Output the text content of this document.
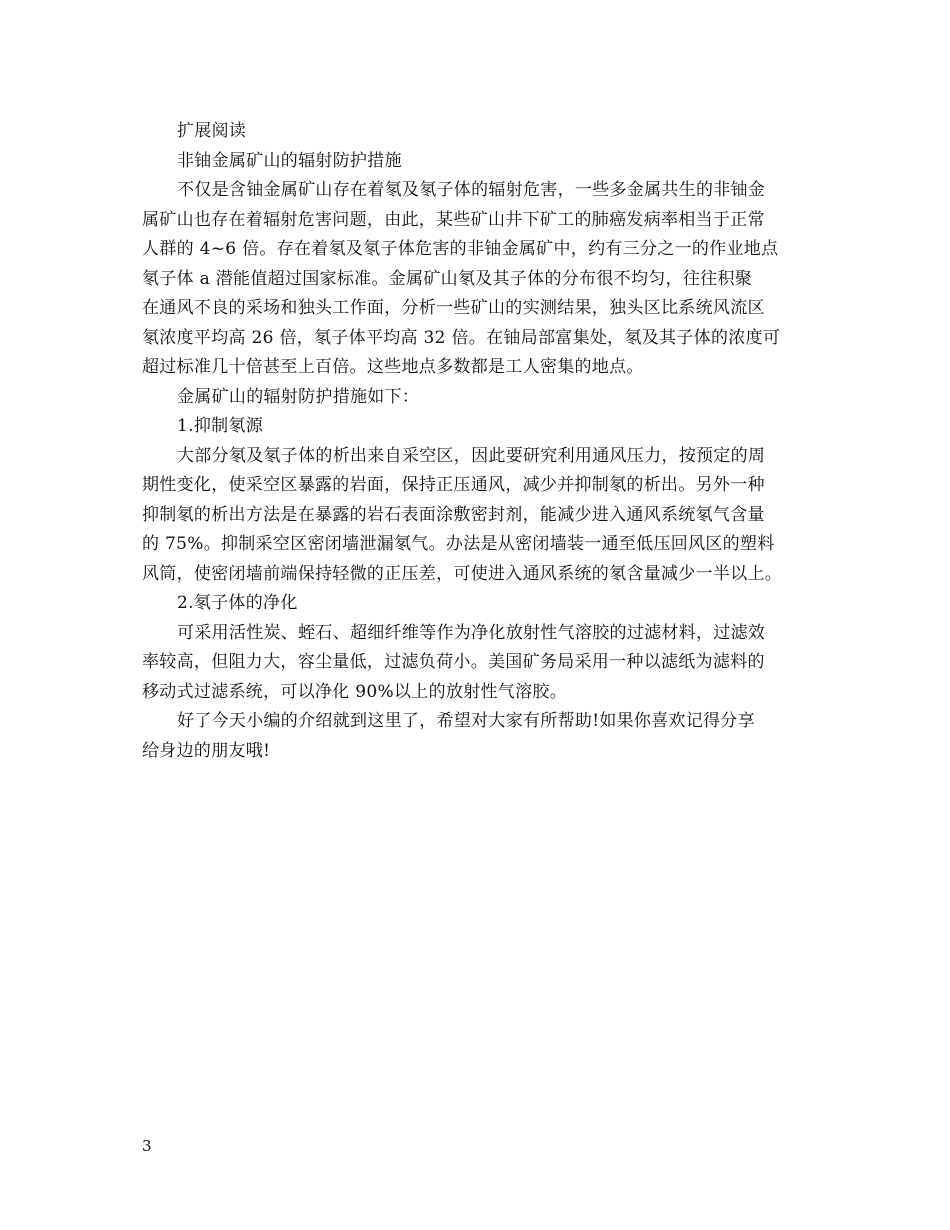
扩展阅读
非铀金属矿山的辐射防护措施
不仅是含铀金属矿山存在着氡及氡子体的辐射危害，一些多金属共生的非铀金
属矿山也存在着辐射危害问题，由此，某些矿山井下矿工的肺癌发病率相当于正常
人群的 4~6 倍。存在着氡及氡子体危害的非铀金属矿中，约有三分之一的作业地点
氡子体 a 潜能值超过国家标准。金属矿山氡及其子体的分布很不均匀，往往积聚
在通风不良的采场和独头工作面，分析一些矿山的实测结果，独头区比系统风流区
氡浓度平均高 26 倍，氡子体平均高 32 倍。在铀局部富集处，氡及其子体的浓度可
超过标准几十倍甚至上百倍。这些地点多数都是工人密集的地点。
金属矿山的辐射防护措施如下：
1.抑制氡源
大部分氡及氡子体的析出来自采空区，因此要研究利用通风压力，按预定的周
期性变化，使采空区暴露的岩面，保持正压通风，减少并抑制氡的析出。另外一种
抑制氡的析出方法是在暴露的岩石表面涂敷密封剂，能减少进入通风系统氡气含量
的 75%。抑制采空区密闭墙泄漏氡气。办法是从密闭墙装一通至低压回风区的塑料
风筒，使密闭墙前端保持轻微的正压差，可使进入通风系统的氡含量减少一半以上。
2.氡子体的净化
可采用活性炭、蛭石、超细纤维等作为净化放射性气溶胶的过滤材料，过滤效
率较高，但阻力大，容尘量低，过滤负荷小。美国矿务局采用一种以滤纸为滤料的
移动式过滤系统，可以净化 90%以上的放射性气溶胶。
好了今天小编的介绍就到这里了，希望对大家有所帮助!如果你喜欢记得分享
给身边的朋友哦!
3
